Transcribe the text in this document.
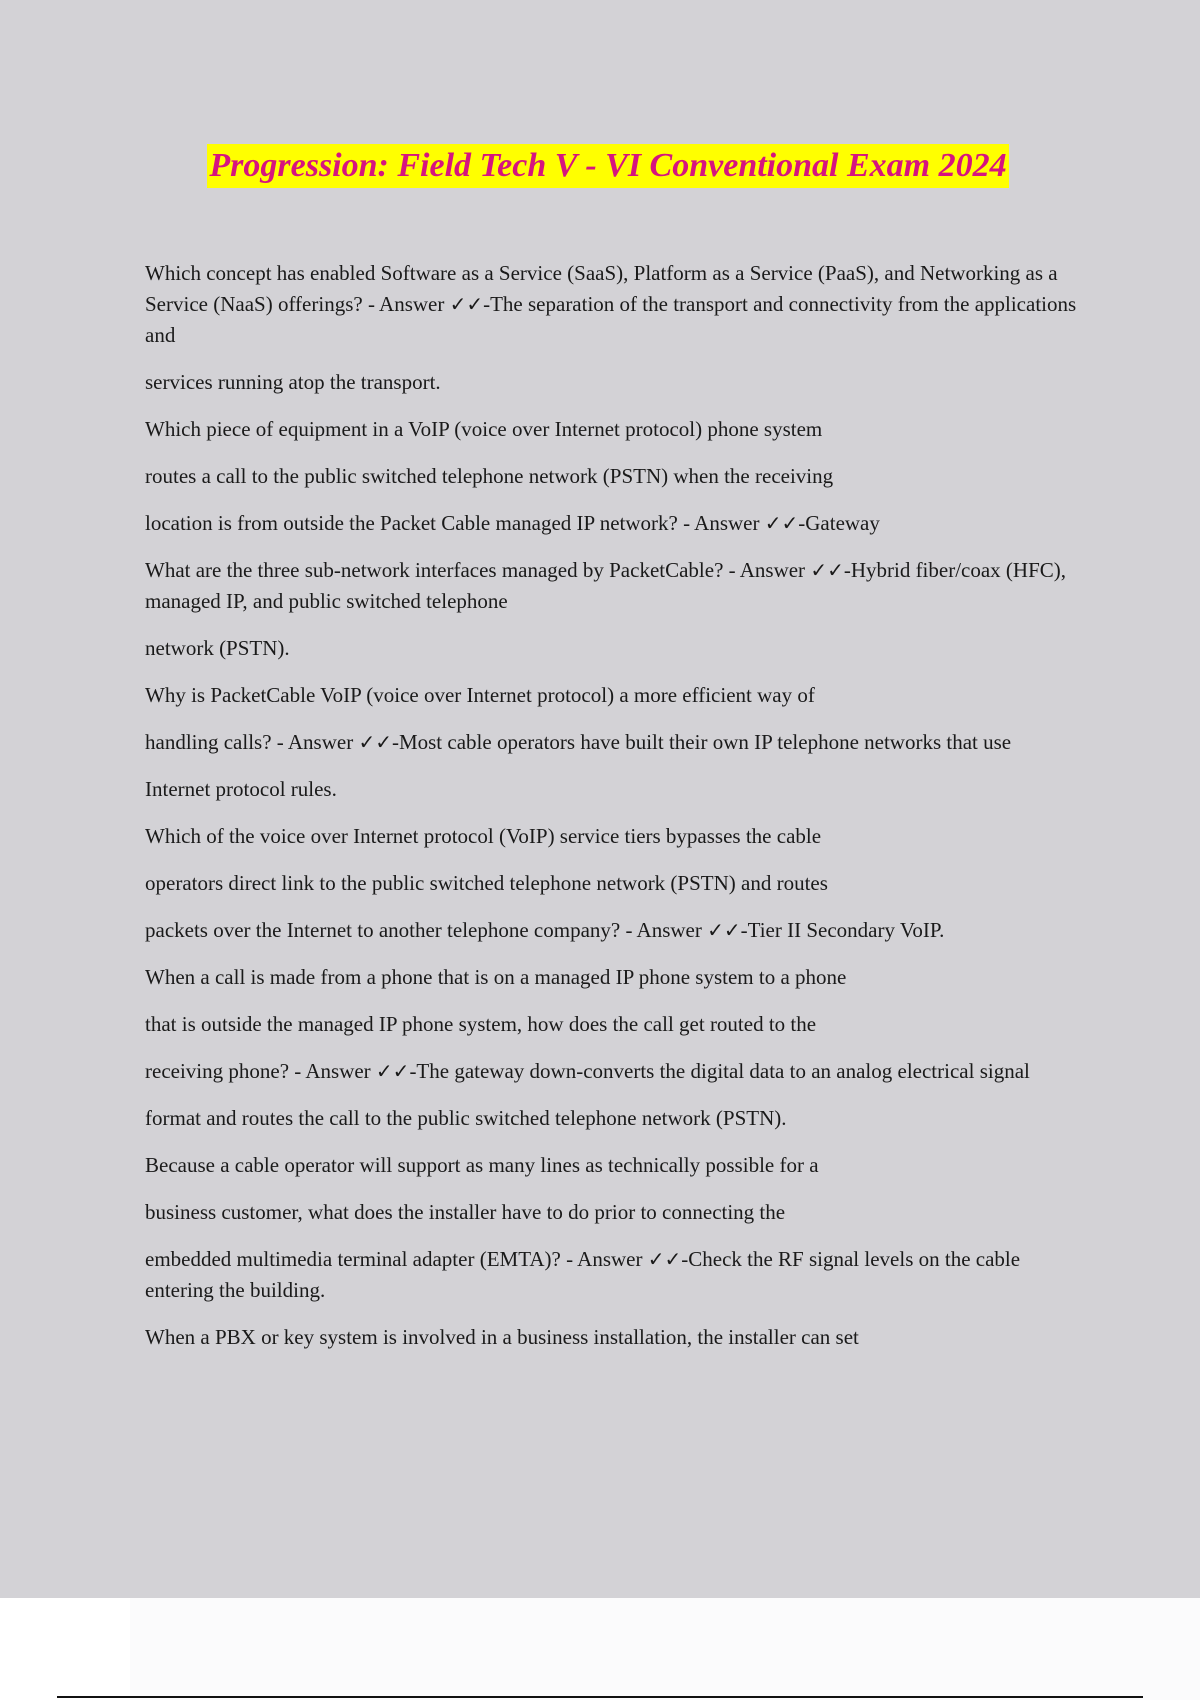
Progression: Field Tech V - VI Conventional Exam 2024
Which concept has enabled Software as a Service (SaaS), Platform as a Service (PaaS), and Networking as a Service (NaaS) offerings? - Answer ✓✓-The separation of the transport and connectivity from the applications and
services running atop the transport.
Which piece of equipment in a VoIP (voice over Internet protocol) phone system
routes a call to the public switched telephone network (PSTN) when the receiving
location is from outside the Packet Cable managed IP network? - Answer ✓✓-Gateway
What are the three sub-network interfaces managed by PacketCable? - Answer ✓✓-Hybrid fiber/coax (HFC), managed IP, and public switched telephone
network (PSTN).
Why is PacketCable VoIP (voice over Internet protocol) a more efficient way of
handling calls? - Answer ✓✓-Most cable operators have built their own IP telephone networks that use
Internet protocol rules.
Which of the voice over Internet protocol (VoIP) service tiers bypasses the cable
operators direct link to the public switched telephone network (PSTN) and routes
packets over the Internet to another telephone company? - Answer ✓✓-Tier II Secondary VoIP.
When a call is made from a phone that is on a managed IP phone system to a phone
that is outside the managed IP phone system, how does the call get routed to the
receiving phone? - Answer ✓✓-The gateway down-converts the digital data to an analog electrical signal
format and routes the call to the public switched telephone network (PSTN).
Because a cable operator will support as many lines as technically possible for a
business customer, what does the installer have to do prior to connecting the
embedded multimedia terminal adapter (EMTA)? - Answer ✓✓-Check the RF signal levels on the cable entering the building.
When a PBX or key system is involved in a business installation, the installer can set
